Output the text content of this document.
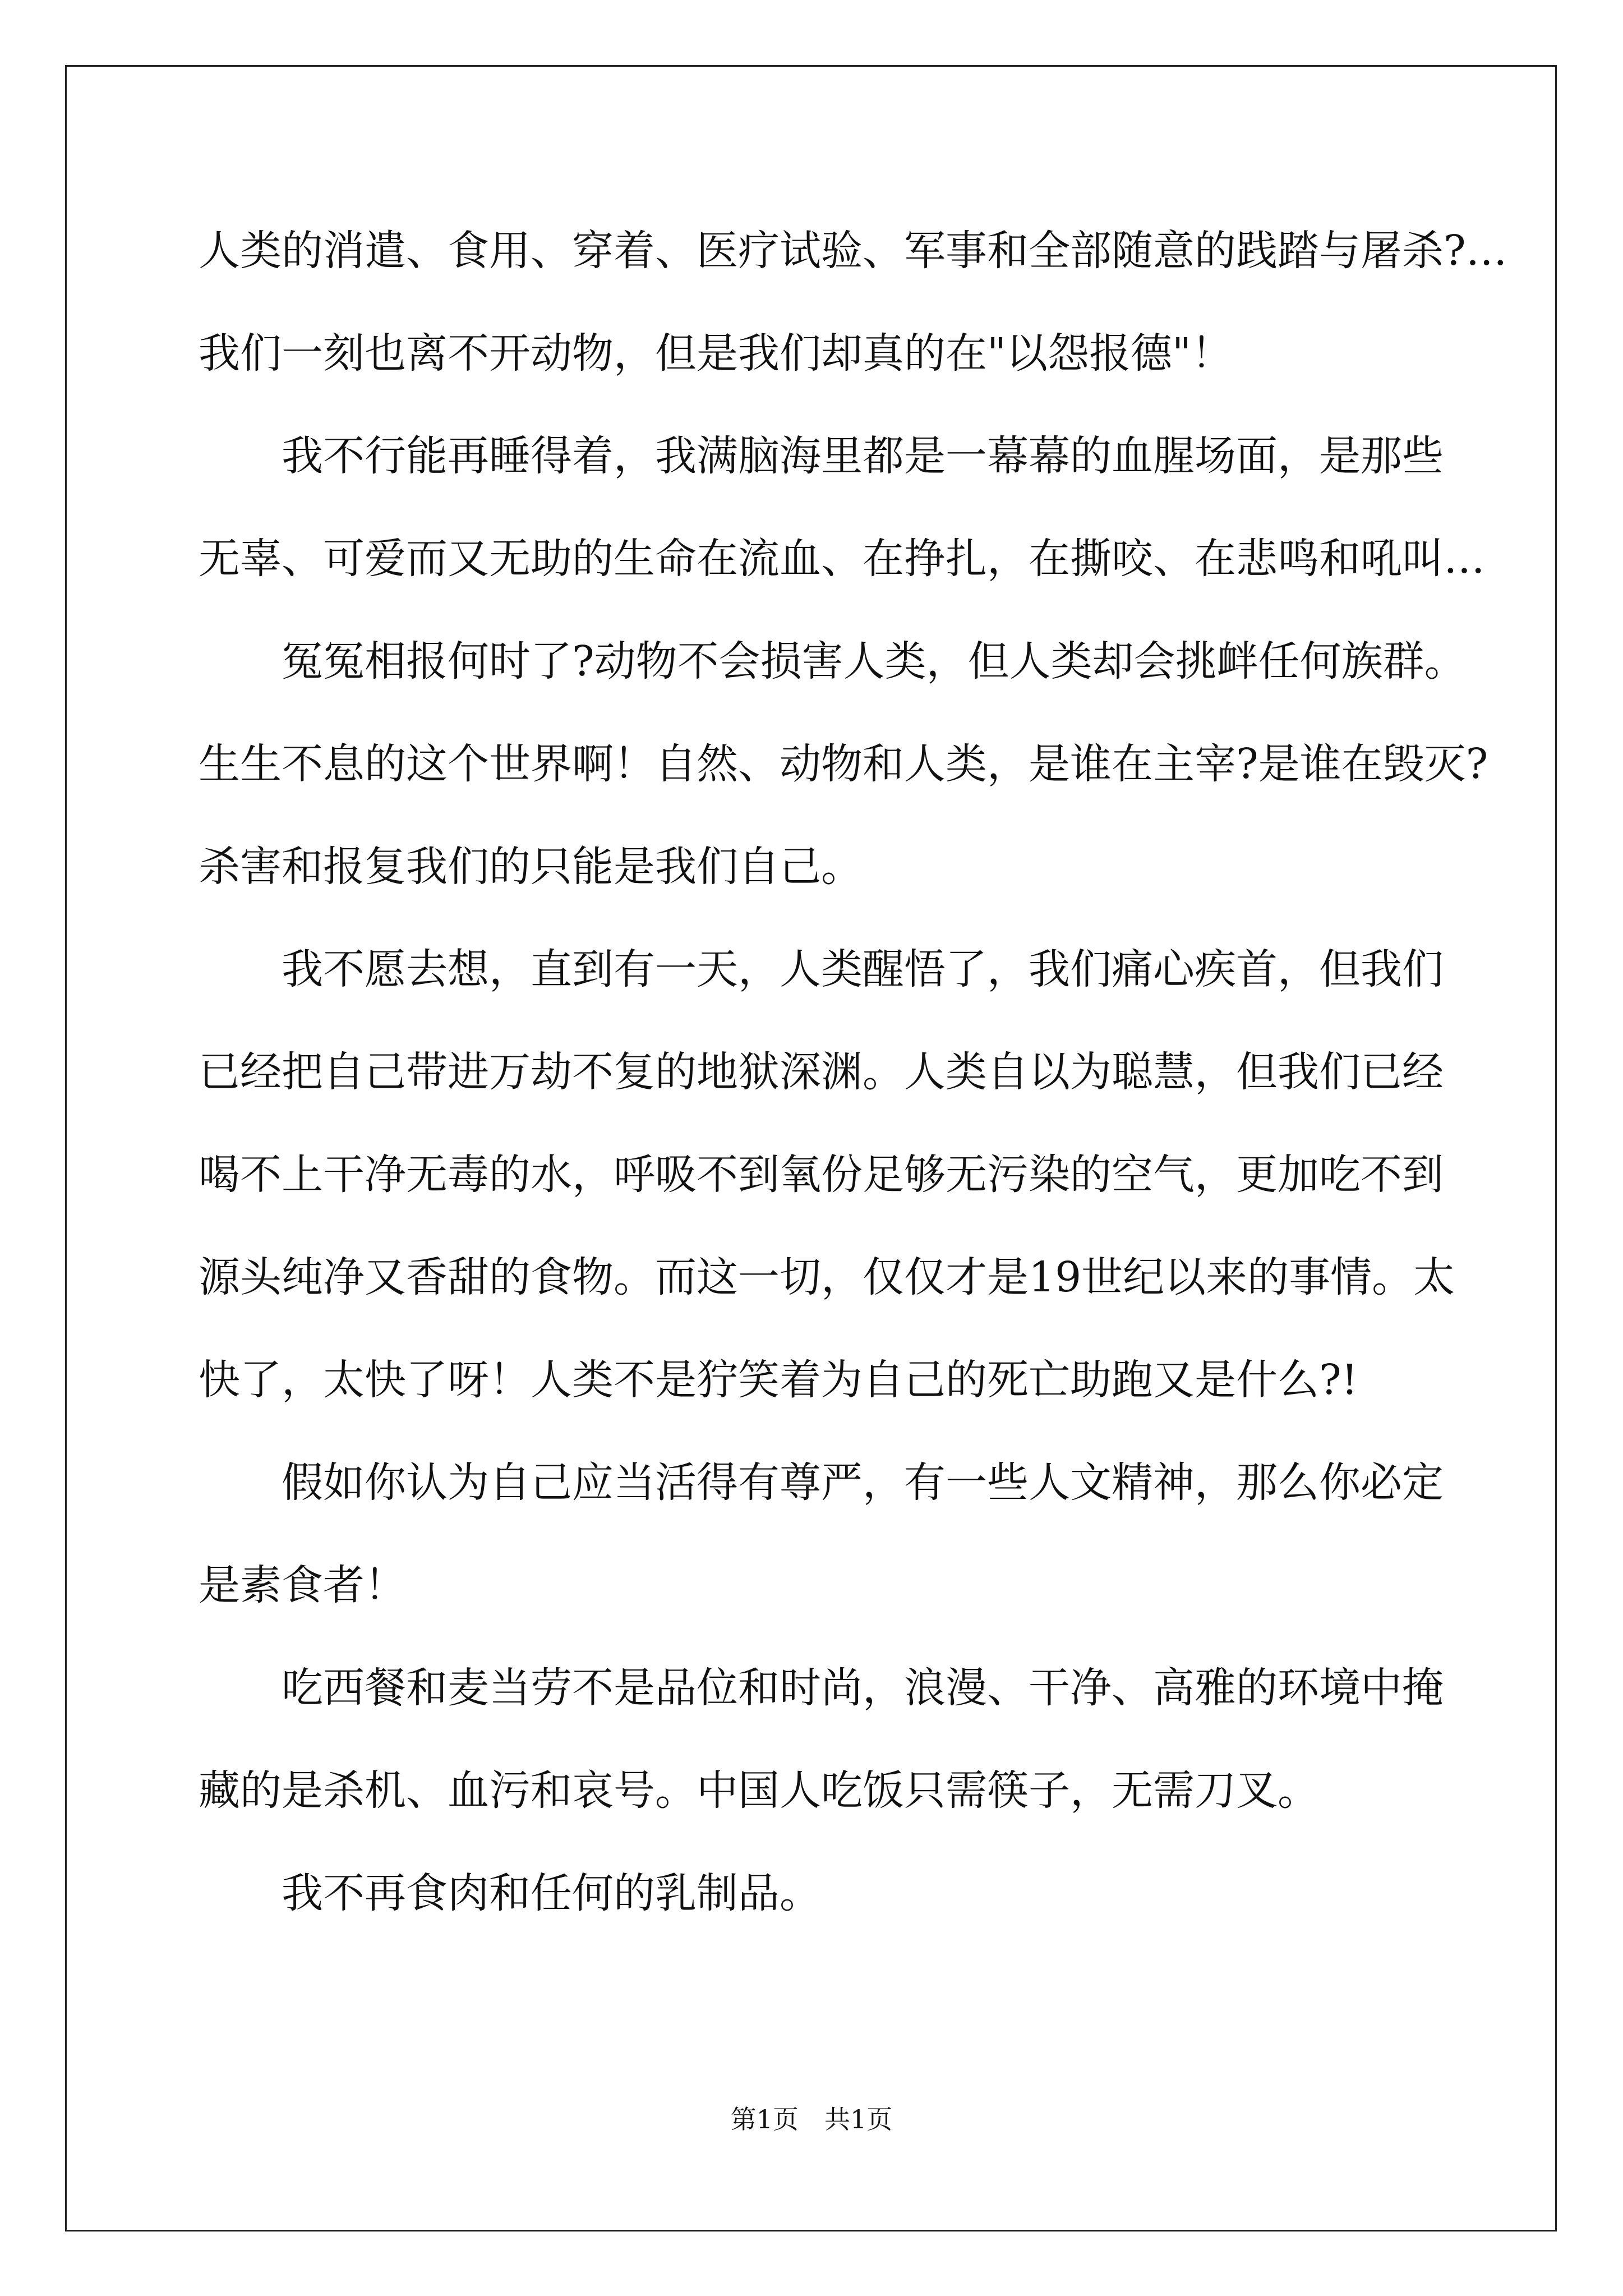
人类的消遣、食用、穿着、医疗试验、军事和全部随意的践踏与屠杀?…
我们一刻也离不开动物，但是我们却真的在"以怨报德"！
我不行能再睡得着，我满脑海里都是一幕幕的血腥场面，是那些
无辜、可爱而又无助的生命在流血、在挣扎，在撕咬、在悲鸣和吼叫…
冤冤相报何时了?动物不会损害人类，但人类却会挑衅任何族群。
生生不息的这个世界啊！自然、动物和人类，是谁在主宰?是谁在毁灭?
杀害和报复我们的只能是我们自己。
我不愿去想，直到有一天，人类醒悟了，我们痛心疾首，但我们
已经把自己带进万劫不复的地狱深渊。人类自以为聪慧，但我们已经
喝不上干净无毒的水，呼吸不到氧份足够无污染的空气，更加吃不到
源头纯净又香甜的食物。而这一切，仅仅才是19世纪以来的事情。太
快了，太快了呀！人类不是狞笑着为自己的死亡助跑又是什么?!
假如你认为自己应当活得有尊严，有一些人文精神，那么你必定
是素食者！
吃西餐和麦当劳不是品位和时尚，浪漫、干净、高雅的环境中掩
藏的是杀机、血污和哀号。中国人吃饭只需筷子，无需刀叉。
我不再食肉和任何的乳制品。
第1页　共1页
